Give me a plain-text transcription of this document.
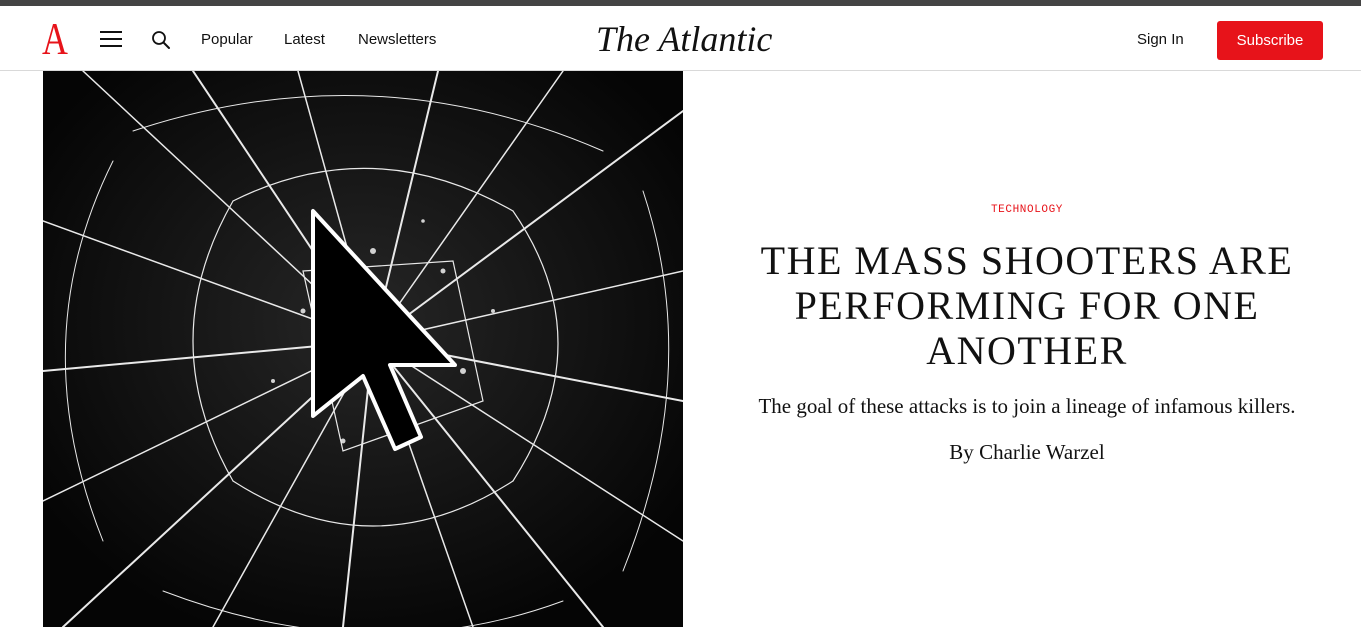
A	Popular Latest Newsletters	The Atlantic	Sign In	Subscribe
TECHNOLOGY
THE MASS SHOOTERS ARE PERFORMING FOR ONE ANOTHER
The goal of these attacks is to join a lineage of infamous killers.
By Charlie Warzel
